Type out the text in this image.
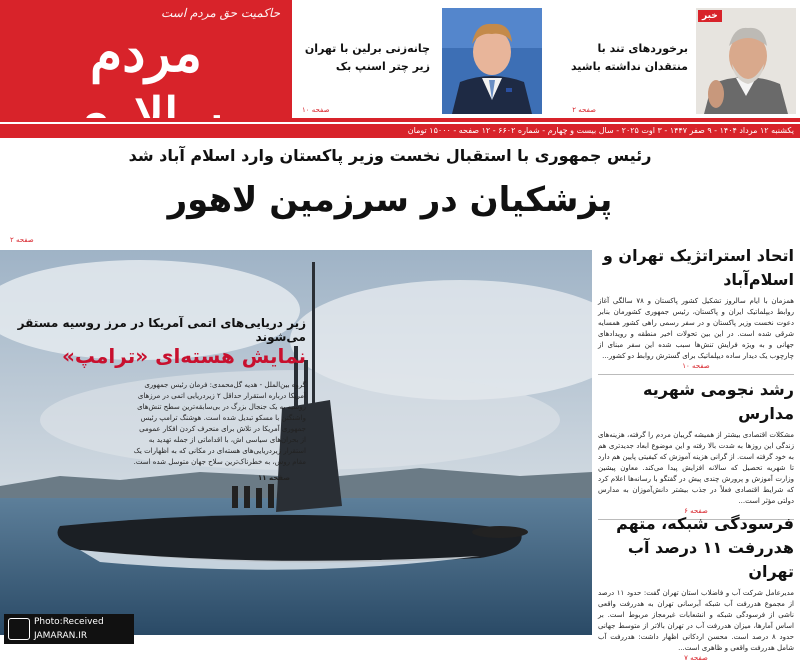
حاکمیت حق مردم است
مردم	چانه‌زنی برلین با تهران زیر چتر اسنپ بک
صفحه ۱۰
خبر
برخوردهای تند با منتقدان نداشته باشید
صفحه ۲
یکشنبه ۱۲ مرداد ۱۴۰۴ - ۹ صفر ۱۴۴۷ - ۳ اوت ۲۰۲۵ - سال بیست و چهارم - شماره ۶۶۰۲ - ۱۲ صفحه - ۱۵۰۰۰ تومان
رئیس جمهوری با استقبال نخست وزیر پاکستان وارد اسلام آباد شد
پزشکیان در سرزمین لاهور
صفحه ۲
زیر دریایی‌های اتمی آمریکا در مرز روسیه مستقر می‌شوند
نمایش هسته‌ای «ترامپ»
گروه بین‌الملل - هدیه گل‌محمدی: فرمان رئیس جمهوری آمریکا درباره استقرار حداقل ۲ زیردریایی اتمی در مرزهای روسیه به یک جنجال بزرگ در بی‌سابقه‌ترین سطح تنش‌های واشنگتن با مسکو تبدیل شده است. هوشنگ ترامپ رئیس جمهوری آمریکا در تلاش برای منحرف کردن افکار عمومی از بحران‌های سیاسی اش، با اقداماتی از جمله تهدید به استقرار زیردریایی‌های هسته‌ای در مکانی که به اظهارات یک مقام روس، به خطرناک‌ترین سلاح جهان متوسل شده است.
صفحه ۱۱
اتحاد استراتژیک تهران و اسلام‌آباد

همزمان با ایام سالروز تشکیل کشور پاکستان و ۷۸ سالگی آغاز روابط دیپلماتیک ایران و پاکستان، رئیس جمهوری کشورمان بنابر دعوت نخست وزیر پاکستان و در سفر رسمی راهی کشور همسایه شرقی شده است. در این بین تحولات اخیر منطقه و رویدادهای جهانی و به ویژه فرایش تنش‌ها سبب شده این سفر مبنای از چارچوب یک دیدار ساده دیپلماتیک برای گسترش روابط دو کشور...

صفحه ۱۰
رشد نجومی شهریه مدارس

مشکلات اقتصادی بیشتر از همیشه گریبان مردم را گرفته، هزینه‌های زندگی این روزها به شدت بالا رفته و این موضوع ابعاد جدیدتری هم به خود گرفته است. از گرانی هزینه آموزش که کیفیتی پایین هم دارد تا شهریه تحصیل که سالانه افزایش پیدا می‌کند. معاون پیشین وزارت آموزش و پرورش چندی پیش در گفتگو با رسانه‌ها اعلام کرد که شرایط اقتصادی فعلاً در جذب بیشتر دانش‌آموزان به مدارس دولتی مؤثر است...

صفحه ۶
فرسودگی شبکه، متهم هدررفت ۱۱ درصد آب تهران

مدیرعامل شرکت آب و فاضلاب استان تهران گفت: حدود ۱۱ درصد از مجموع هدررفت آب شبکه آبرسانی تهران به هدررفت واقعی ناشی از فرسودگی شبکه و انشعابات غیرمجاز مربوط است. بر اساس آمارها، میزان هدررفت آب در تهران بالاتر از متوسط جهانی حدود ۸ درصد است. محسن اردکانی اظهار داشت: هدررفت آب شامل هدررفت واقعی و ظاهری است...

صفحه ۷
Photo:Received
JAMARAN.IR
